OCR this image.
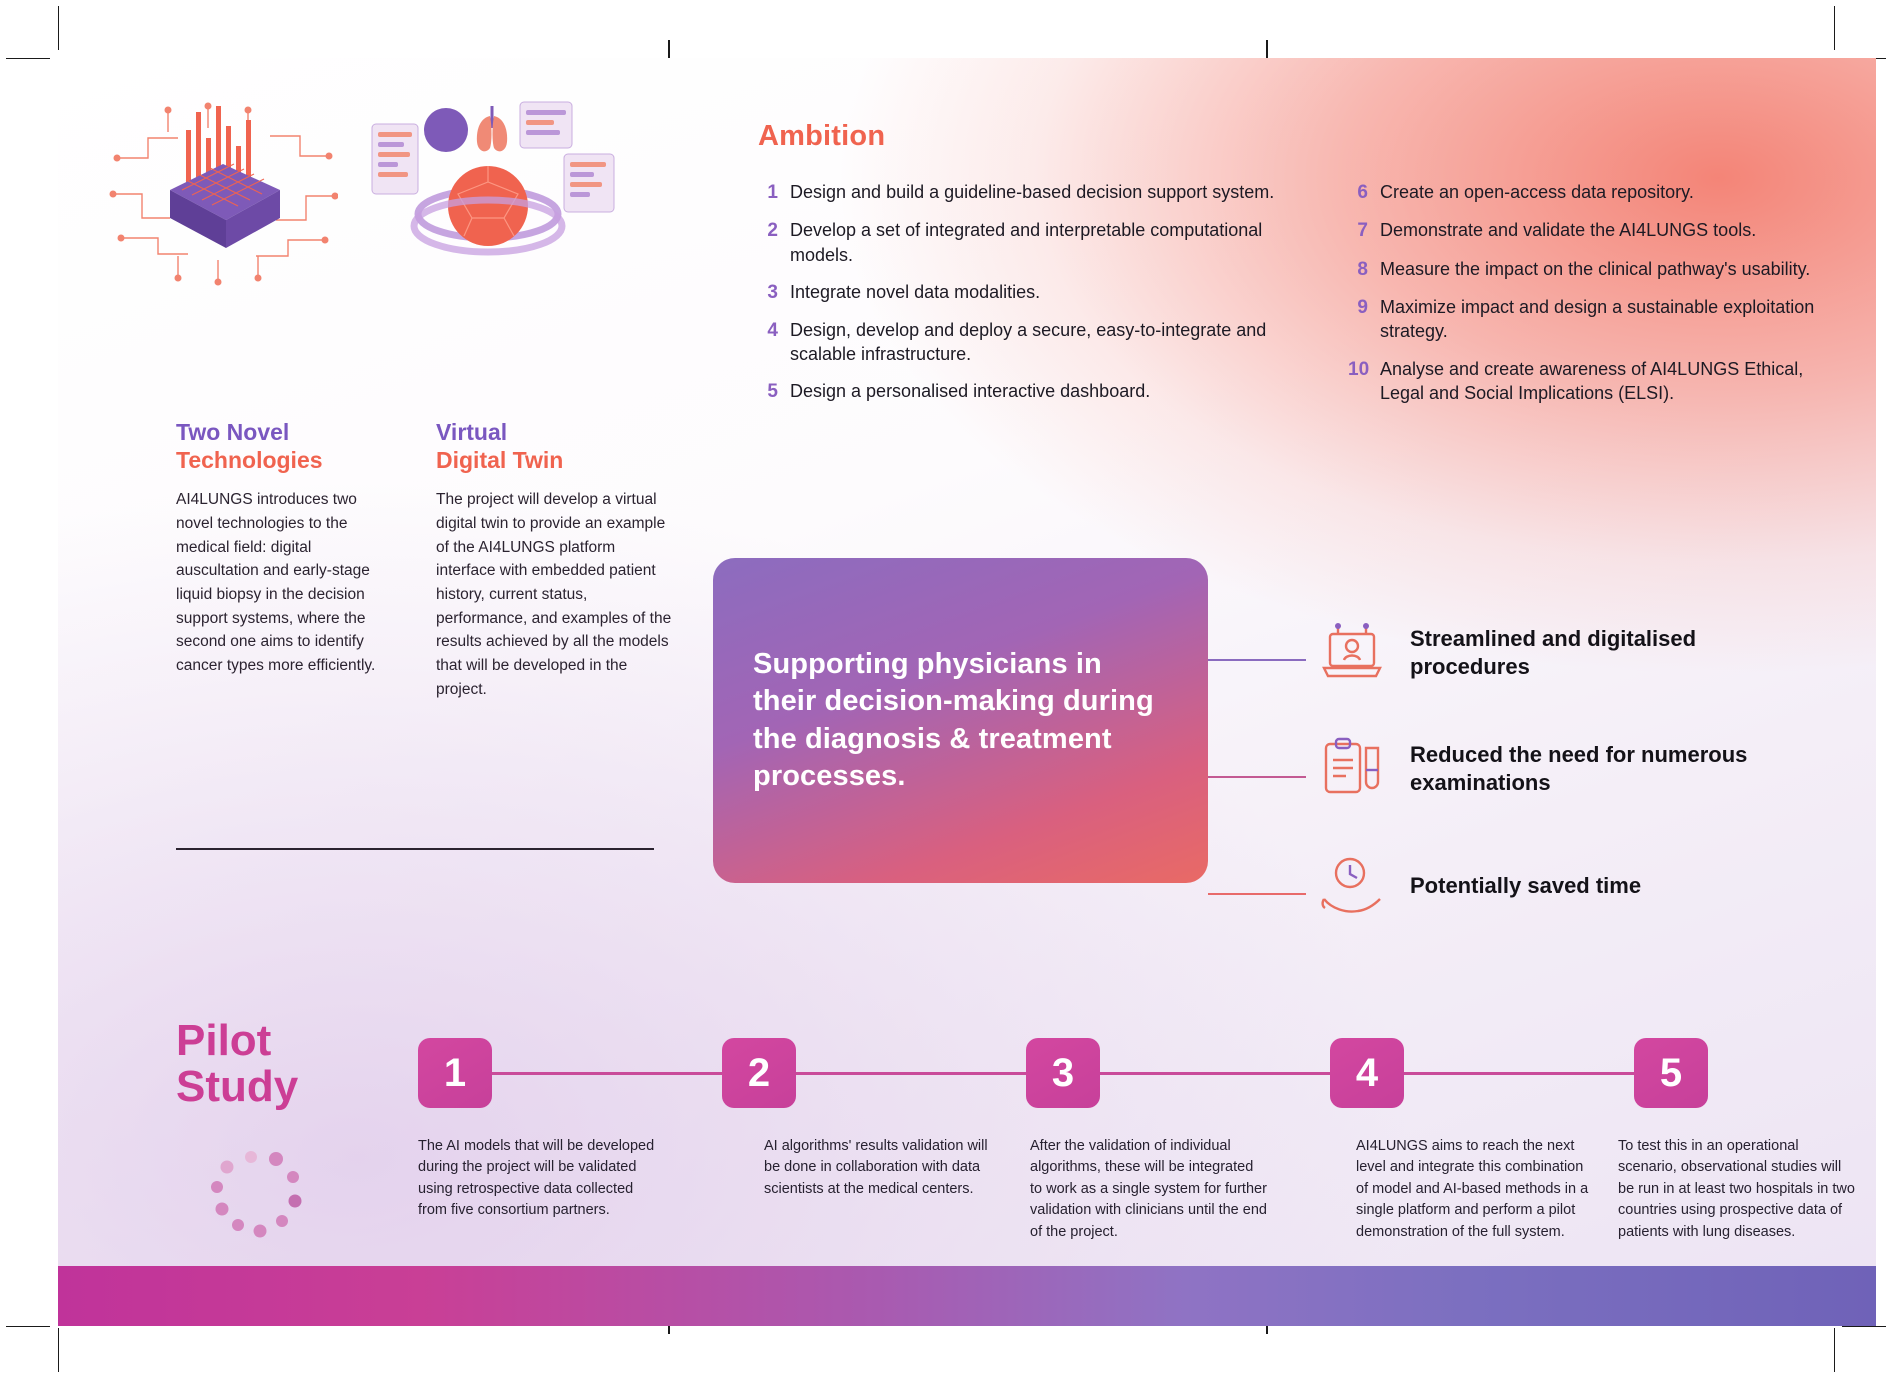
Two Novel
Technologies

AI4LUNGS introduces two novel technologies to the medical field: digital auscultation and early-stage liquid biopsy in the decision support systems, where the second one aims to identify cancer types more efficiently.

Virtual
Digital Twin

The project will develop a virtual digital twin to provide an example of the AI4LUNGS platform interface with embedded patient history, current status, performance, and examples of the results achieved by all the models that will be developed in the project.

Ambition
1 Design and build a guideline-based decision support system.
2 Develop a set of integrated and interpretable computational models.
3 Integrate novel data modalities.
4 Design, develop and deploy a secure, easy-to-integrate and scalable infrastructure.
5 Design a personalised interactive dashboard.
6 Create an open-access data repository.
7 Demonstrate and validate the AI4LUNGS tools.
8 Measure the impact on the clinical pathway's usability.
9 Maximize impact and design a sustainable exploitation strategy.
10 Analyse and create awareness of AI4LUNGS Ethical, Legal and Social Implications (ELSI).

Supporting physicians in their decision-making during the diagnosis & treatment processes.

Streamlined and digitalised procedures
Reduced the need for numerous examinations
Potentially saved time
Pilot
Study	1	2	3	4	5
The AI models that will be developed during the project will be validated using retrospective data collected from five consortium partners.
AI algorithms' results validation will be done in collaboration with data scientists at the medical centers.
After the validation of individual algorithms, these will be integrated to work as a single system for further validation with clinicians until the end of the project.
AI4LUNGS aims to reach the next level and integrate this combination of model and AI-based methods in a single platform and perform a pilot demonstration of the full system.
To test this in an operational scenario, observational studies will be run in at least two hospitals in two countries using prospective data of patients with lung diseases.
